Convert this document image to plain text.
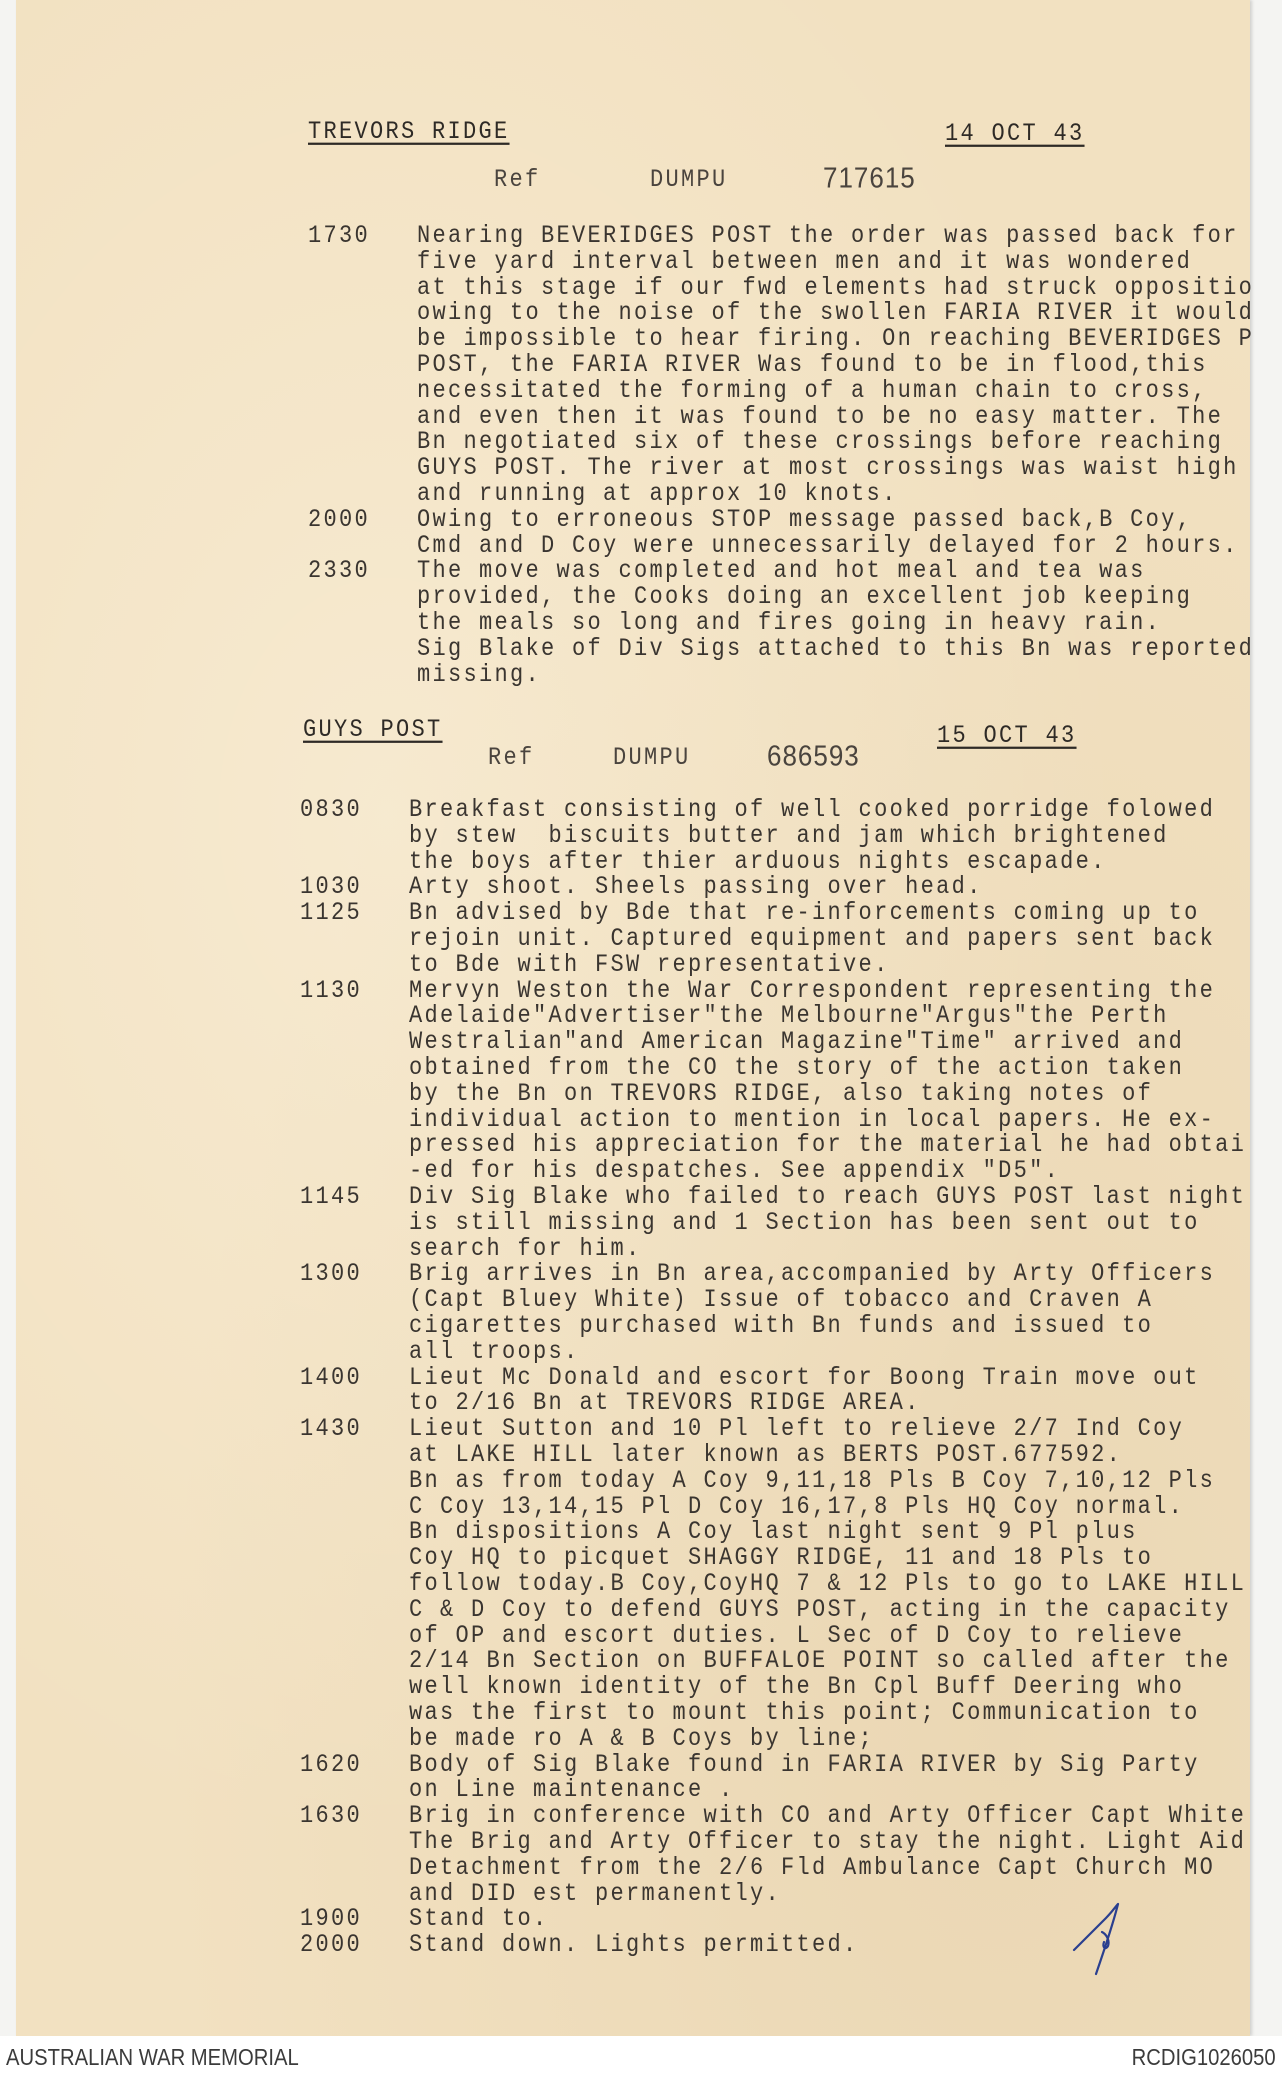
TREVORS RIDGE	14 OCT 43
Ref	DUMPU	717615
1730	Nearing BEVERIDGES POST the order was passed back for
five yard interval between men and it was wondered
at this stage if our fwd elements had struck oppositio
owing to the noise of the swollen FARIA RIVER it would
be impossible to hear firing. On reaching BEVERIDGES P
POST, the FARIA RIVER Was found to be in flood,this
necessitated the forming of a human chain to cross,
and even then it was found to be no easy matter. The
Bn negotiated six of these crossings before reaching
GUYS POST. The river at most crossings was waist high
and running at approx 10 knots.
2000	Owing to erroneous STOP message passed back,B Coy,
Cmd and D Coy were unnecessarily delayed for 2 hours.
2330	The move was completed and hot meal and tea was
provided, the Cooks doing an excellent job keeping
the meals so long and fires going in heavy rain.
Sig Blake of Div Sigs attached to this Bn was reported
missing.
GUYS POST	15 OCT 43
Ref	DUMPU	686593
0830	Breakfast consisting of well cooked porridge folowed
by stew  biscuits butter and jam which brightened
the boys after thier arduous nights escapade.
1030	Arty shoot. Sheels passing over head.
1125	Bn advised by Bde that re-inforcements coming up to
rejoin unit. Captured equipment and papers sent back
to Bde with FSW representative.
1130	Mervyn Weston the War Correspondent representing the
Adelaide"Advertiser"the Melbourne"Argus"the Perth
Westralian"and American Magazine"Time" arrived and
obtained from the CO the story of the action taken
by the Bn on TREVORS RIDGE, also taking notes of
individual action to mention in local papers. He ex-
pressed his appreciation for the material he had obtai
-ed for his despatches. See appendix "D5".
1145	Div Sig Blake who failed to reach GUYS POST last night
is still missing and 1 Section has been sent out to
search for him.
1300	Brig arrives in Bn area,accompanied by Arty Officers
(Capt Bluey White) Issue of tobacco and Craven A
cigarettes purchased with Bn funds and issued to
all troops.
1400	Lieut Mc Donald and escort for Boong Train move out
to 2/16 Bn at TREVORS RIDGE AREA.
1430	Lieut Sutton and 10 Pl left to relieve 2/7 Ind Coy
at LAKE HILL later known as BERTS POST.677592.
Bn as from today A Coy 9,11,18 Pls B Coy 7,10,12 Pls
C Coy 13,14,15 Pl D Coy 16,17,8 Pls HQ Coy normal.
Bn dispositions A Coy last night sent 9 Pl plus
Coy HQ to picquet SHAGGY RIDGE, 11 and 18 Pls to
follow today.B Coy,CoyHQ 7 & 12 Pls to go to LAKE HILL
C & D Coy to defend GUYS POST, acting in the capacity
of OP and escort duties. L Sec of D Coy to relieve
2/14 Bn Section on BUFFALOE POINT so called after the
well known identity of the Bn Cpl Buff Deering who
was the first to mount this point; Communication to
be made ro A & B Coys by line;
1620	Body of Sig Blake found in FARIA RIVER by Sig Party
on Line maintenance .
1630	Brig in conference with CO and Arty Officer Capt White
The Brig and Arty Officer to stay the night. Light Aid
Detachment from the 2/6 Fld Ambulance Capt Church MO
and DID est permanently.
1900	Stand to.
2000	Stand down. Lights permitted.
AUSTRALIAN WAR MEMORIAL	RCDIG1026050
